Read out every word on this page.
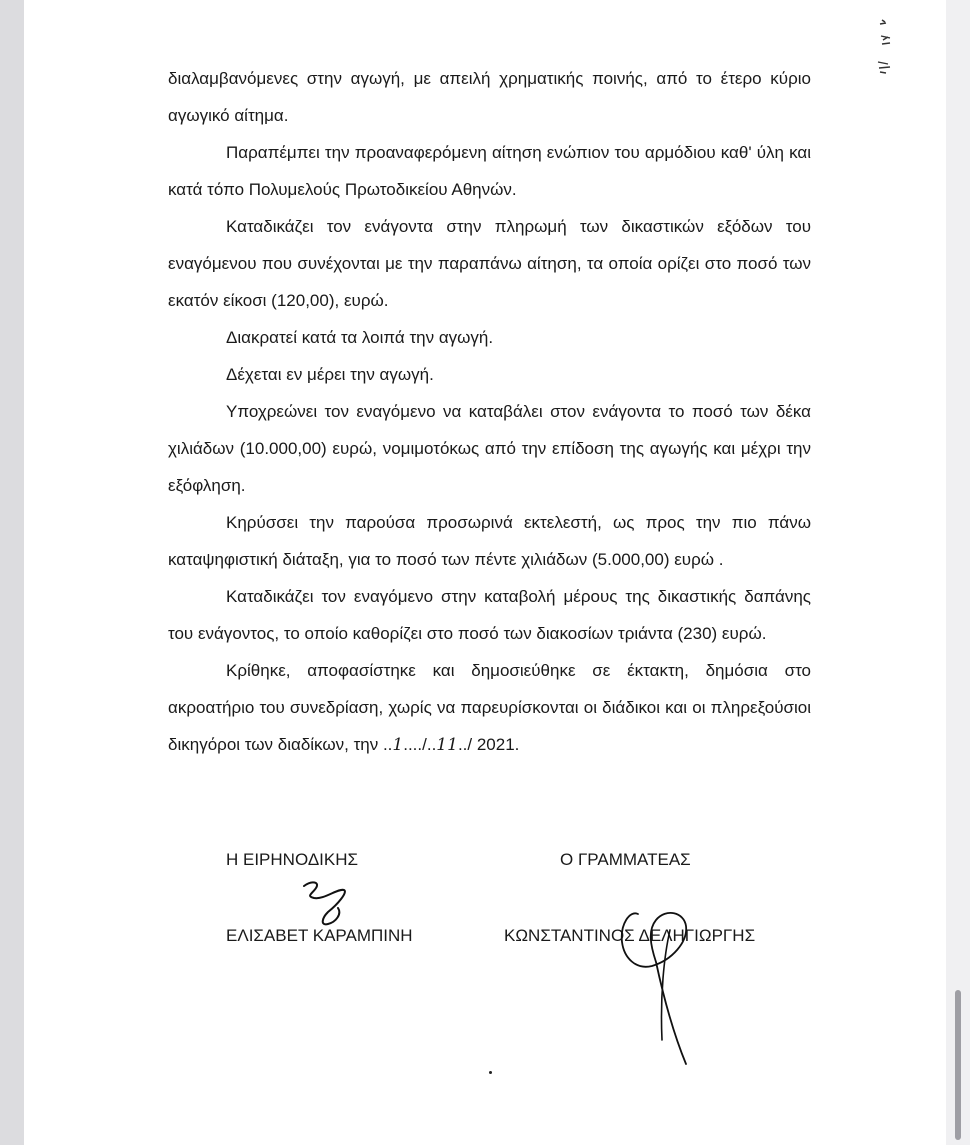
διαλαμβανόμενες στην αγωγή, με απειλή χρηματικής ποινής, από το έτερο κύριο αγωγικό αίτημα.

Παραπέμπει την προαναφερόμενη αίτηση ενώπιον του αρμόδιου καθ' ύλη και κατά τόπο Πολυμελούς Πρωτοδικείου Αθηνών.

Καταδικάζει τον ενάγοντα στην πληρωμή των δικαστικών εξόδων του εναγόμενου που συνέχονται με την παραπάνω αίτηση, τα οποία ορίζει στο ποσό των εκατόν είκοσι (120,00), ευρώ.

Διακρατεί κατά τα λοιπά την αγωγή.

Δέχεται εν μέρει την αγωγή.

Υποχρεώνει τον εναγόμενο να καταβάλει στον ενάγοντα το ποσό των δέκα χιλιάδων (10.000,00) ευρώ, νομιμοτόκως από την επίδοση της αγωγής και μέχρι την εξόφληση.

Κηρύσσει την παρούσα προσωρινά εκτελεστή, ως προς την πιο πάνω καταψηφιστική διάταξη, για το ποσό των πέντε χιλιάδων (5.000,00) ευρώ .

Καταδικάζει τον εναγόμενο στην καταβολή μέρους της δικαστικής δαπάνης του ενάγοντος, το οποίο καθορίζει στο ποσό των διακοσίων τριάντα (230) ευρώ.

Κρίθηκε, αποφασίστηκε και δημοσιεύθηκε σε έκτακτη, δημόσια στο ακροατήριο του συνεδρίαση, χωρίς να παρευρίσκονται οι διάδικοι και οι πληρεξούσιοι δικηγόροι των διαδίκων, την ..1..../..11../ 2021.

Η ΕΙΡΗΝΟΔΙΚΗΣ	Ο ΓΡΑΜΜΑΤΕΑΣ
ΕΛΙΣΑΒΕΤ ΚΑΡΑΜΠΙΝΗ	ΚΩΝΣΤΑΝΤΙΝΟΣ ΔΕΛΗΓΙΩΡΓΗΣ
